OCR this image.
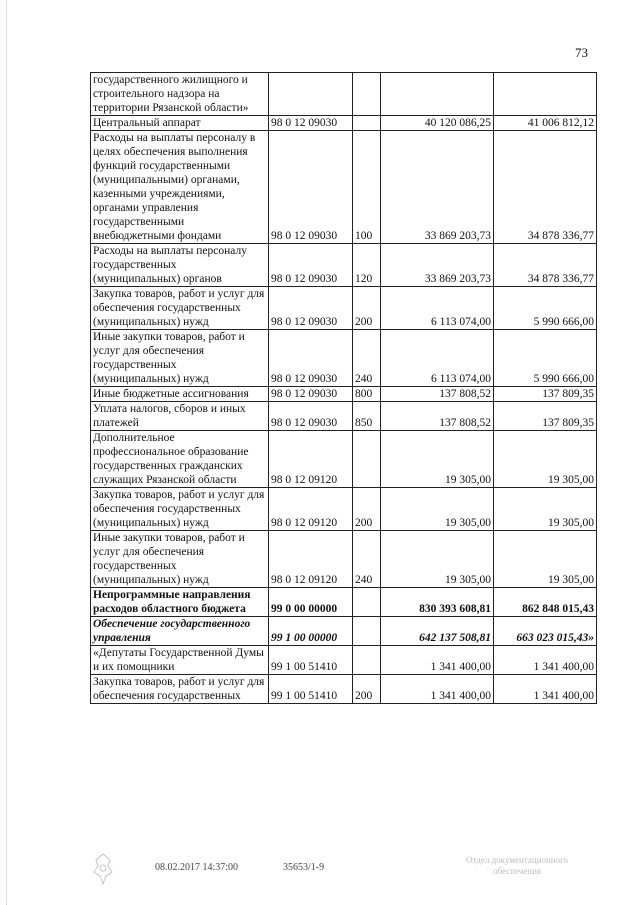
73
государственного жилищного и строительного надзора на территории Рязанской области»				
Центральный аппарат	98 0 12 09030		40 120 086,25	41 006 812,12
Расходы на выплаты персоналу в целях обеспечения выполнения функций государственными (муниципальными) органами, казенными учреждениями, органами управления государственными внебюджетными фондами	98 0 12 09030	100	33 869 203,73	34 878 336,77
Расходы на выплаты персоналу государственных (муниципальных) органов	98 0 12 09030	120	33 869 203,73	34 878 336,77
Закупка товаров, работ и услуг для обеспечения государственных (муниципальных) нужд	98 0 12 09030	200	6 113 074,00	5 990 666,00
Иные закупки товаров, работ и услуг для обеспечения государственных (муниципальных) нужд	98 0 12 09030	240	6 113 074,00	5 990 666,00
Иные бюджетные ассигнования	98 0 12 09030	800	137 808,52	137 809,35
Уплата налогов, сборов и иных платежей	98 0 12 09030	850	137 808,52	137 809,35
Дополнительное профессиональное образование государственных гражданских служащих Рязанской области	98 0 12 09120		19 305,00	19 305,00
Закупка товаров, работ и услуг для обеспечения государственных (муниципальных) нужд	98 0 12 09120	200	19 305,00	19 305,00
Иные закупки товаров, работ и услуг для обеспечения государственных (муниципальных) нужд	98 0 12 09120	240	19 305,00	19 305,00
Непрограммные направления расходов областного бюджета	99 0 00 00000		830 393 608,81	862 848 015,43
Обеспечение государственного управления	99 1 00 00000		642 137 508,81	663 023 015,43»
«Депутаты Государственной Думы и их помощники	99 1 00 51410		1 341 400,00	1 341 400,00
Закупка товаров, работ и услуг для обеспечения государственных	99 1 00 51410	200	1 341 400,00	1 341 400,00
08.02.2017 14:37:00	35653/1-9
Отдел документационного обеспечения
